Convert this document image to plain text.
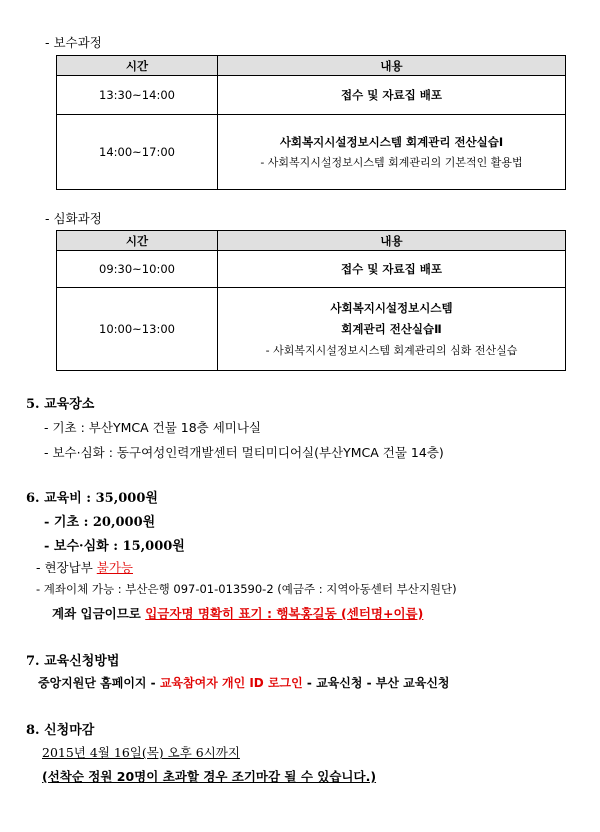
- 보수과정
시간	내용
13:30~14:00	접수 및 자료집 배포
14:00~17:00	사회복지시설정보시스템 회계관리 전산실습Ⅰ
- 사회복지시설정보시스템 회계관리의 기본적인 활용법
- 심화과정
시간	내용
09:30~10:00	접수 및 자료집 배포
10:00~13:00	사회복지시설정보시스템
회계관리 전산실습Ⅱ
- 사회복지시설정보시스템 회계관리의 심화 전산실습
5. 교육장소
- 기초 : 부산YMCA 건물 18층 세미나실
- 보수·심화 : 동구여성인력개발센터 멀티미디어실(부산YMCA 건물 14층)
6. 교육비 : 35,000원
- 기초 : 20,000원
- 보수·심화 : 15,000원
- 현장납부 불가능
- 계좌이체 가능 : 부산은행 097-01-013590-2 (예금주 : 지역아동센터 부산지원단)
계좌 입금이므로 입금자명 명확히 표기 : 행복홍길동 (센터명+이름)
7. 교육신청방법
중앙지원단 홈페이지 - 교육참여자 개인 ID 로그인 - 교육신청 - 부산 교육신청
8. 신청마감
2015년 4월 16일(목) 오후 6시까지
(선착순 정원 20명이 초과할 경우 조기마감 될 수 있습니다.)
